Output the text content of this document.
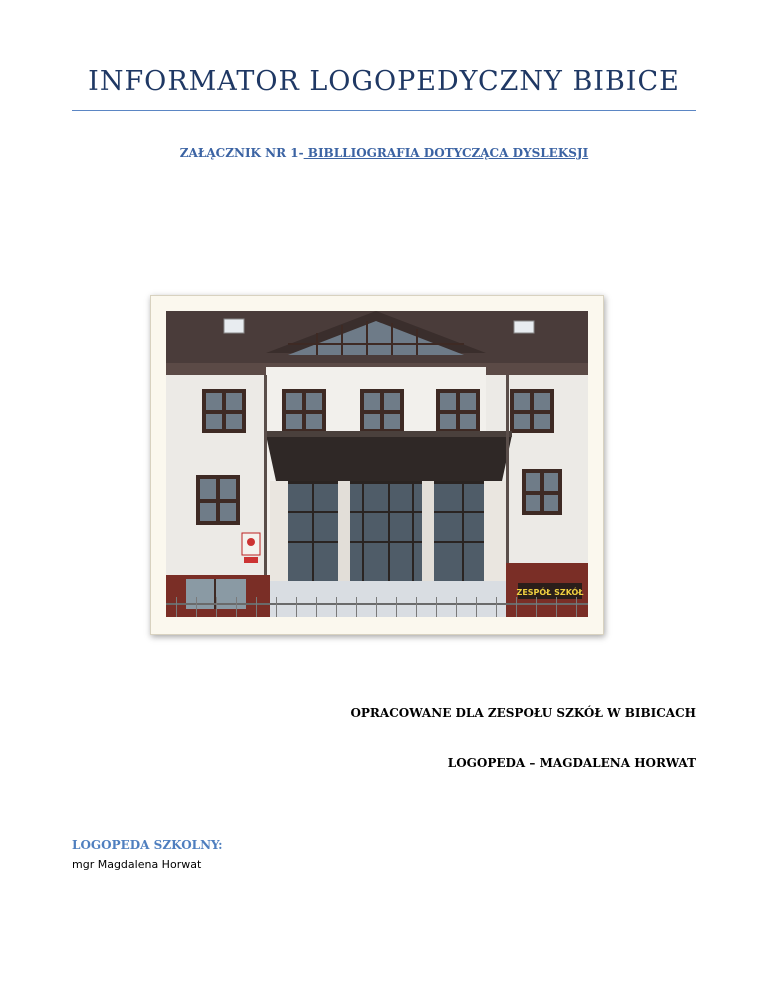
INFORMATOR LOGOPEDYCZNY BIBICE
ZAŁĄCZNIK NR 1- BIBLLIOGRAFIA DOTYCZĄCA DYSLEKSJI
ZESPÓŁ SZKÓŁ
OPRACOWANE DLA ZESPOŁU SZKÓŁ W BIBICACH
LOGOPEDA – MAGDALENA HORWAT
LOGOPEDA SZKOLNY:
mgr Magdalena Horwat
